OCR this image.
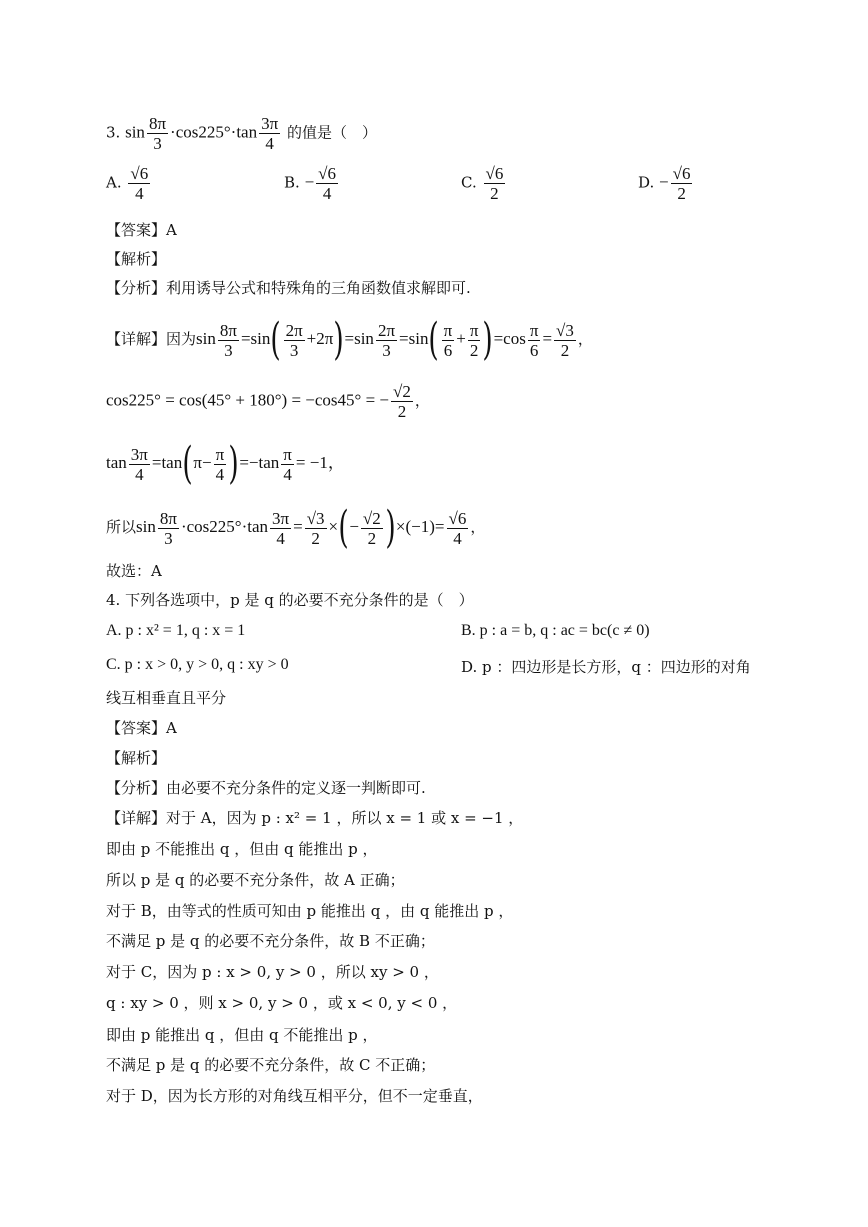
3. $\sin \frac{8\pi}{3} \cdot\cos 225^\circ\cdot\tan \frac{3\pi}{4}$ 的值是（　）
A. $\frac{√6}{4}$	B. − $\frac{√6}{4}$	C. $\frac{√6}{2}$	D. − $\frac{√6}{2}$
【答案】A
【解析】
【分析】利用诱导公式和特殊角的三角函数值求解即可.
【详解】因为$\sin \frac{8\pi}{3} =\sin( \frac{2\pi}{3} +2\pi)=\sin \frac{2\pi}{3} =\sin( \frac{\pi}{6} + \frac{\pi}{2} )=\cos \frac{\pi}{6} = \frac{√3}{2}$ ，
cos225° = cos(45° + 180°) = −cos45° = − $\frac{√2}{2}$ ，
$\tan \frac{3\pi}{4} =\tan(\pi- \frac{\pi}{4} )=-\tan \frac{\pi}{4} = -1$，
所以$\sin \frac{8\pi}{3} \cdot\cos 225^\circ\cdot\tan \frac{3\pi}{4} = \frac{√3}{2}$ ×(− $\frac{√2}{2} )\times(-1)= \frac{√6}{4}$ ，
故选：A
4. 下列各选项中，p 是 q 的必要不充分条件的是（　）
A. p : x² = 1, q : x = 1	B. p : a = b, q : ac = bc(c ≠ 0)
C. p : x > 0, y > 0, q : xy > 0	D. p ：四边形是长方形，q ：四边形的对角
线互相垂直且平分
【答案】A
【解析】
【分析】由必要不充分条件的定义逐一判断即可.
【详解】对于 A，因为 p : x² = 1 ，所以 x = 1 或 x = −1 ，
即由 p 不能推出 q ，但由 q 能推出 p ，
所以 p 是 q 的必要不充分条件，故 A 正确；
对于 B，由等式的性质可知由 p 能推出 q ，由 q 能推出 p ，
不满足 p 是 q 的必要不充分条件，故 B 不正确；
对于 C，因为 p : x > 0, y > 0 ，所以 xy > 0 ，
q : xy > 0 ，则 x > 0, y > 0 ，或 x < 0, y < 0 ，
即由 p 能推出 q ，但由 q 不能推出 p ，
不满足 p 是 q 的必要不充分条件，故 C 不正确；
对于 D，因为长方形的对角线互相平分，但不一定垂直，
